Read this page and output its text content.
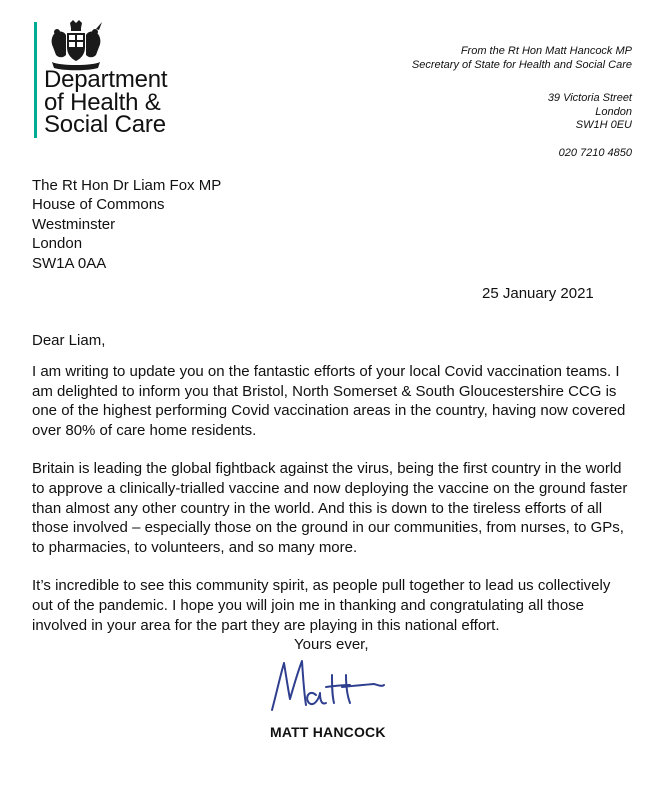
Department
of Health &
Social Care
From the Rt Hon Matt Hancock MP
Secretary of State for Health and Social Care
39 Victoria Street
London
SW1H 0EU
020 7210 4850
The Rt Hon Dr Liam Fox MP
House of Commons
Westminster
London
SW1A 0AA
25 January 2021
Dear Liam,

I am writing to update you on the fantastic efforts of your local Covid vaccination teams. I
am delighted to inform you that Bristol, North Somerset & South Gloucestershire CCG is
one of the highest performing Covid vaccination areas in the country, having now covered
over 80% of care home residents.

Britain is leading the global fightback against the virus, being the first country in the world
to approve a clinically-trialled vaccine and now deploying the vaccine on the ground faster
than almost any other country in the world. And this is down to the tireless efforts of all
those involved – especially those on the ground in our communities, from nurses, to GPs,
to pharmacies, to volunteers, and so many more.

It’s incredible to see this community spirit, as people pull together to lead us collectively
out of the pandemic. I hope you will join me in thanking and congratulating all those
involved in your area for the part they are playing in this national effort.

Yours ever,
MATT HANCOCK
